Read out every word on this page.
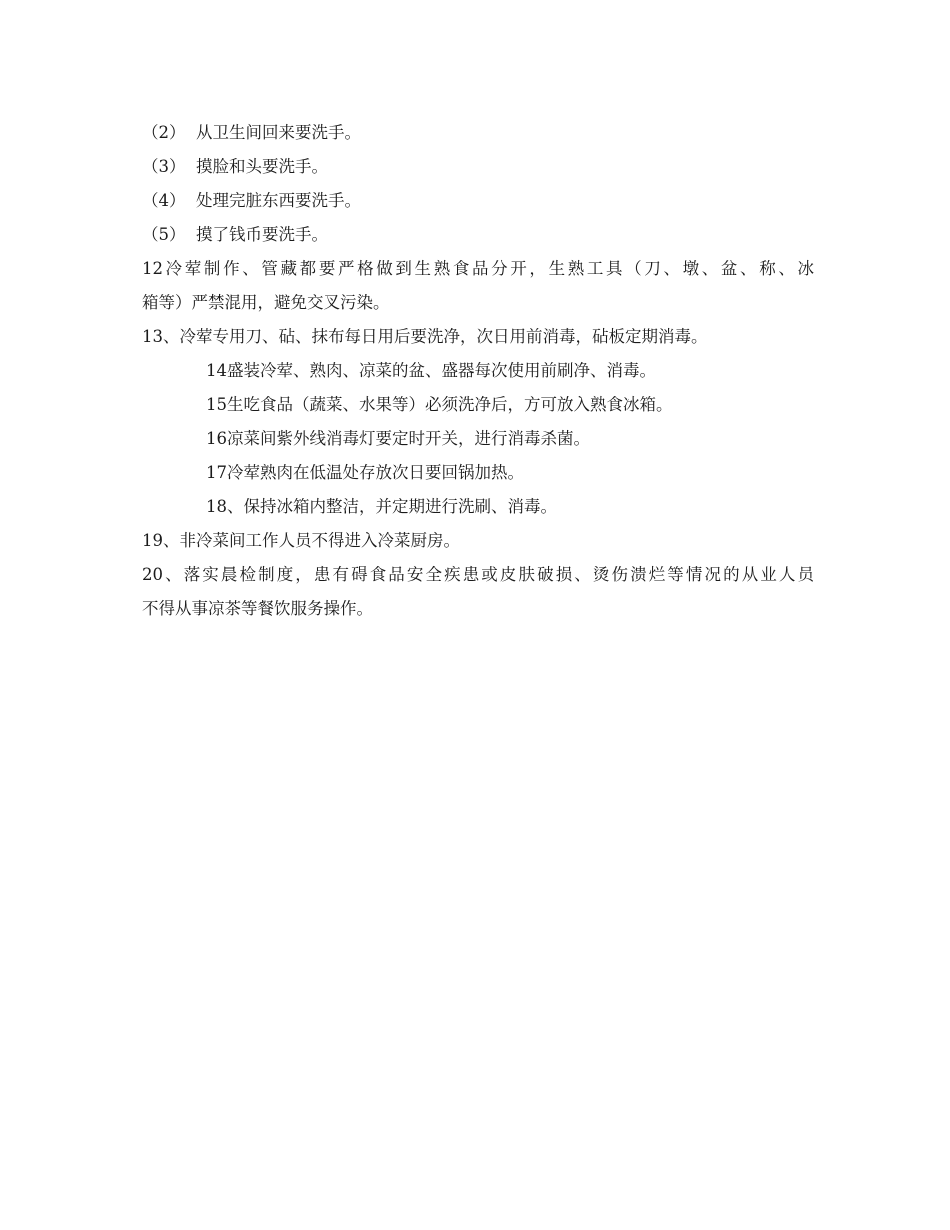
（2） 从卫生间回来要洗手。
（3） 摸脸和头要洗手。
（4） 处理完脏东西要洗手。
（5） 摸了钱币要洗手。
12冷荤制作、管藏都要严格做到生熟食品分开，生熟工具（刀、墩、盆、称、冰
箱等）严禁混用，避免交叉污染。
13、冷荤专用刀、砧、抹布每日用后要洗净，次日用前消毒，砧板定期消毒。
14盛装冷荤、熟肉、凉菜的盆、盛器每次使用前刷净、消毒。
15生吃食品（蔬菜、水果等）必须洗净后，方可放入熟食冰箱。
16凉菜间紫外线消毒灯要定时开关，进行消毒杀菌。
17冷荤熟肉在低温处存放次日要回锅加热。
18、保持冰箱内整洁，并定期进行洗刷、消毒。
19、非冷菜间工作人员不得进入冷菜厨房。
20、落实晨检制度，患有碍食品安全疾患或皮肤破损、烫伤溃烂等情况的从业人员
不得从事凉茶等餐饮服务操作。
